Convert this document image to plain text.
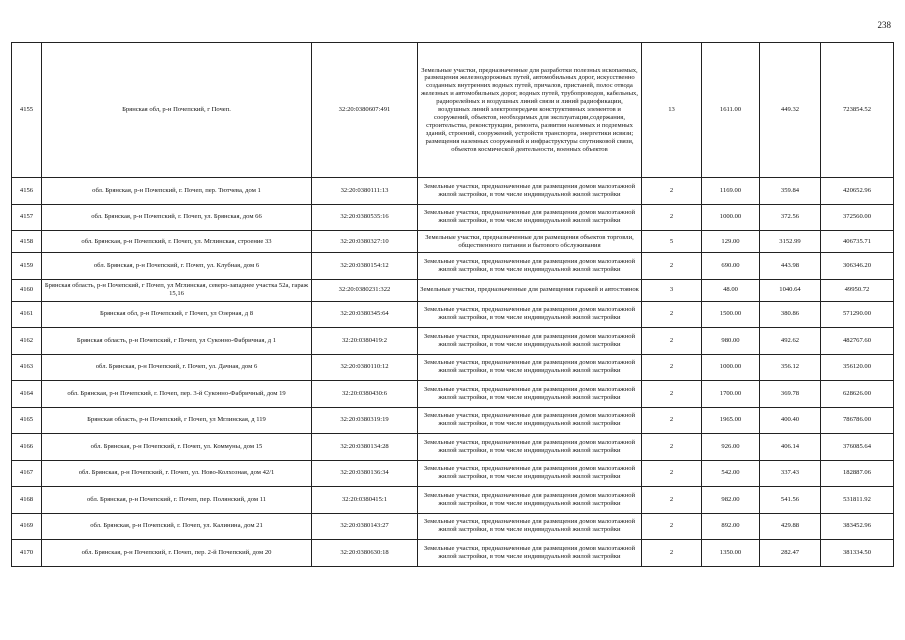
238
4155	Брянская обл, р-н Почепский, г Почеп.	32:20:0380607:491	Земельные участки, предназначенные для разработки полезных ископаемых, размещения железнодорожных путей, автомобильных дорог, искусственно созданных внутренних водных путей, причалов, пристаней, полос отвода железных и автомобильных дорог, водных путей, трубопроводов, кабельных, радиорелейных и воздушных линий связи и линий радиофикации, воздушных линий электропередачи конструктивных элементов и сооружений, объектов, необходимых для эксплуатации,содержания, строительства, реконструкции, ремонта, развития наземных и подземных зданий, строений, сооружений, устройств транспорта, энергетики исвязи; размещения наземных сооружений и инфраструктуры спутниковой связи, объектов космической деятельности, военных объектов	13	1611.00	449.32	723854.52
4156	обл. Брянская, р-н Почепский, г. Почеп, пер. Тютчева, дом 1	32:20:0380111:13	Земельные участки, предназначенные для размещения домов малоэтажной жилой застройки, в том числе индивидуальной жилой застройки	2	1169.00	359.84	420652.96
4157	обл. Брянская, р-н Почепский, г. Почеп, ул. Брянская, дом 66	32:20:0380535:16	Земельные участки, предназначенные для размещения домов малоэтажной жилой застройки, в том числе индивидуальной жилой застройки	2	1000.00	372.56	372560.00
4158	обл. Брянская, р-н Почепский, г. Почеп, ул. Мглинская, строение 33	32:20:0380327:10	Земельные участки, предназначенные для размещения объектов торговли, общественного питания и бытового обслуживания	5	129.00	3152.99	406735.71
4159	обл. Брянская, р-н Почепский, г. Почеп, ул. Клубная, дом 6	32:20:0380154:12	Земельные участки, предназначенные для размещения домов малоэтажной жилой застройки, в том числе индивидуальной жилой застройки	2	690.00	443.98	306346.20
4160	Брянская область, р-н Почепский, г Почеп, ул Мглинская, северо-западнее участка 52а, гараж 15,16	32:20:0380231:322	Земельные участки, предназначенные для размещения гаражей и автостоянок	3	48.00	1040.64	49950.72
4161	Брянская обл, р-н Почепский, г Почеп, ул Озерная, д 8	32:20:0380345:64	Земельные участки, предназначенные для размещения домов малоэтажной жилой застройки, в том числе индивидуальной жилой застройки	2	1500.00	380.86	571290.00
4162	Брянская область, р-н Почепский, г Почеп, ул Суконно-Фабричная, д 1	32:20:0380419:2	Земельные участки, предназначенные для размещения домов малоэтажной жилой застройки, в том числе индивидуальной жилой застройки	2	980.00	492.62	482767.60
4163	обл. Брянская, р-н Почепский, г. Почеп, ул. Дачная, дом 6	32:20:0380110:12	Земельные участки, предназначенные для размещения домов малоэтажной жилой застройки, в том числе индивидуальной жилой застройки	2	1000.00	356.12	356120.00
4164	обл. Брянская, р-н Почепский, г. Почеп, пер. 3-й Суконно-Фабричный, дом 19	32:20:0380430:6	Земельные участки, предназначенные для размещения домов малоэтажной жилой застройки, в том числе индивидуальной жилой застройки	2	1700.00	369.78	628626.00
4165	Брянская область, р-н Почепский, г Почеп, ул Мглинская, д 119	32:20:0380319:19	Земельные участки, предназначенные для размещения домов малоэтажной жилой застройки, в том числе индивидуальной жилой застройки	2	1965.00	400.40	786786.00
4166	обл. Брянская, р-н Почепский, г. Почеп, ул. Коммуны, дом 15	32:20:0380134:28	Земельные участки, предназначенные для размещения домов малоэтажной жилой застройки, в том числе индивидуальной жилой застройки	2	926.00	406.14	376085.64
4167	обл. Брянская, р-н Почепский, г. Почеп, ул. Ново-Колхозная, дом 42/1	32:20:0380136:34	Земельные участки, предназначенные для размещения домов малоэтажной жилой застройки, в том числе индивидуальной жилой застройки	2	542.00	337.43	182887.06
4168	обл. Брянская, р-н Почепский, г. Почеп, пер. Полянский, дом 11	32:20:0380415:1	Земельные участки, предназначенные для размещения домов малоэтажной жилой застройки, в том числе индивидуальной жилой застройки	2	982.00	541.56	531811.92
4169	обл. Брянская, р-н Почепский, г. Почеп, ул. Калинина, дом 21	32:20:0380143:27	Земельные участки, предназначенные для размещения домов малоэтажной жилой застройки, в том числе индивидуальной жилой застройки	2	892.00	429.88	383452.96
4170	обл. Брянская, р-н Почепский, г. Почеп, пер. 2-й Почепский, дом 20	32:20:0380630:18	Земельные участки, предназначенные для размещения домов малоэтажной жилой застройки, в том числе индивидуальной жилой застройки	2	1350.00	282.47	381334.50
